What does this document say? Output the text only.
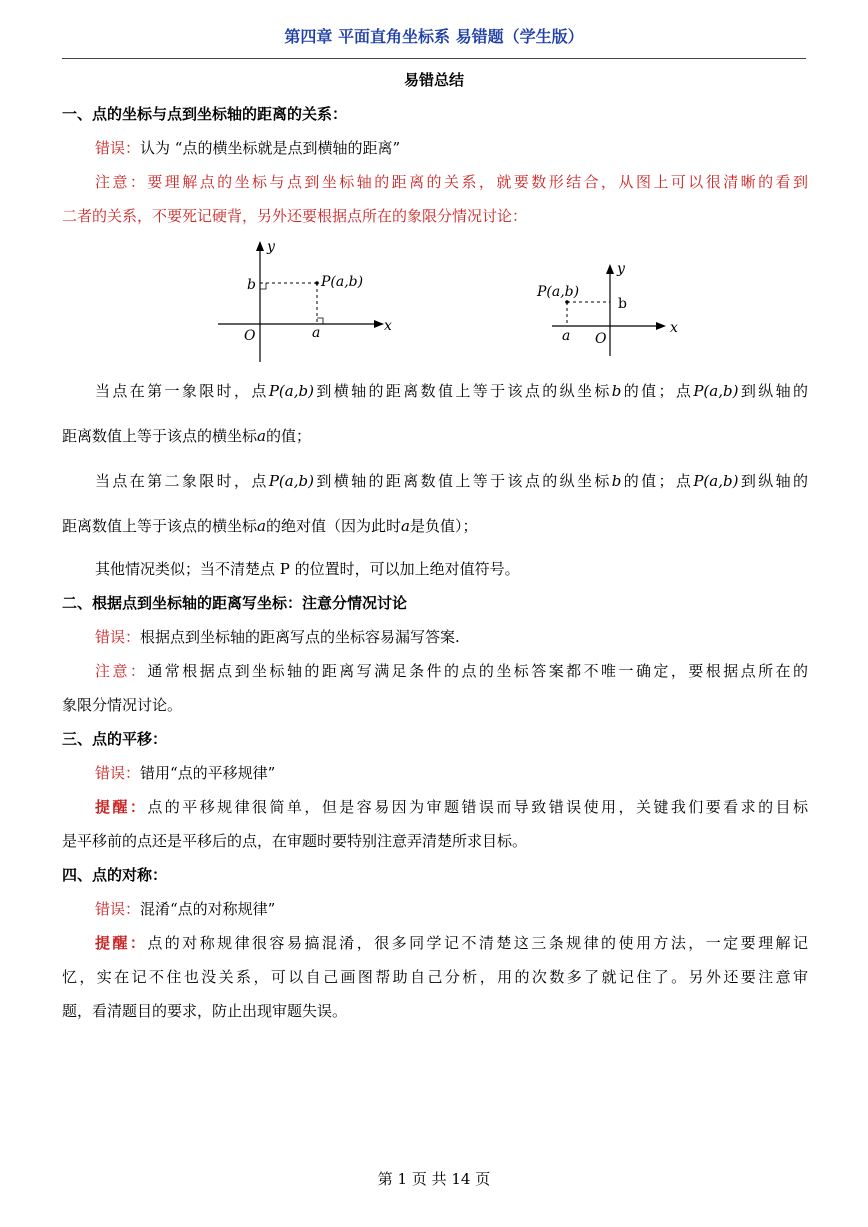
第四章 平面直角坐标系 易错题（学生版）
易错总结
一、点的坐标与点到坐标轴的距离的关系：
错误：认为 “点的横坐标就是点到横轴的距离”
注意：要理解点的坐标与点到坐标轴的距离的关系，就要数形结合，从图上可以很清晰的看到
二者的关系，不要死记硬背，另外还要根据点所在的象限分情况讨论：
y
x
b
O	a
P(a,b)
y
x
b
O
a
P(a,b)
当点在第一象限时，点P(a,b)到横轴的距离数值上等于该点的纵坐标b的值；点P(a,b)到纵轴的
距离数值上等于该点的横坐标a的值；
当点在第二象限时，点P(a,b)到横轴的距离数值上等于该点的纵坐标b的值；点P(a,b)到纵轴的
距离数值上等于该点的横坐标a的绝对值（因为此时a是负值）；
其他情况类似；当不清楚点 P 的位置时，可以加上绝对值符号。
二、根据点到坐标轴的距离写坐标：注意分情况讨论
错误：根据点到坐标轴的距离写点的坐标容易漏写答案.
注意：通常根据点到坐标轴的距离写满足条件的点的坐标答案都不唯一确定，要根据点所在的
象限分情况讨论。
三、点的平移：
错误：错用“点的平移规律”
提醒：点的平移规律很简单，但是容易因为审题错误而导致错误使用，关键我们要看求的目标
是平移前的点还是平移后的点，在审题时要特别注意弄清楚所求目标。
四、点的对称：
错误：混淆“点的对称规律”
提醒：点的对称规律很容易搞混淆，很多同学记不清楚这三条规律的使用方法，一定要理解记
忆，实在记不住也没关系，可以自己画图帮助自己分析，用的次数多了就记住了。另外还要注意审
题，看清题目的要求，防止出现审题失误。
第 1 页 共 14 页
